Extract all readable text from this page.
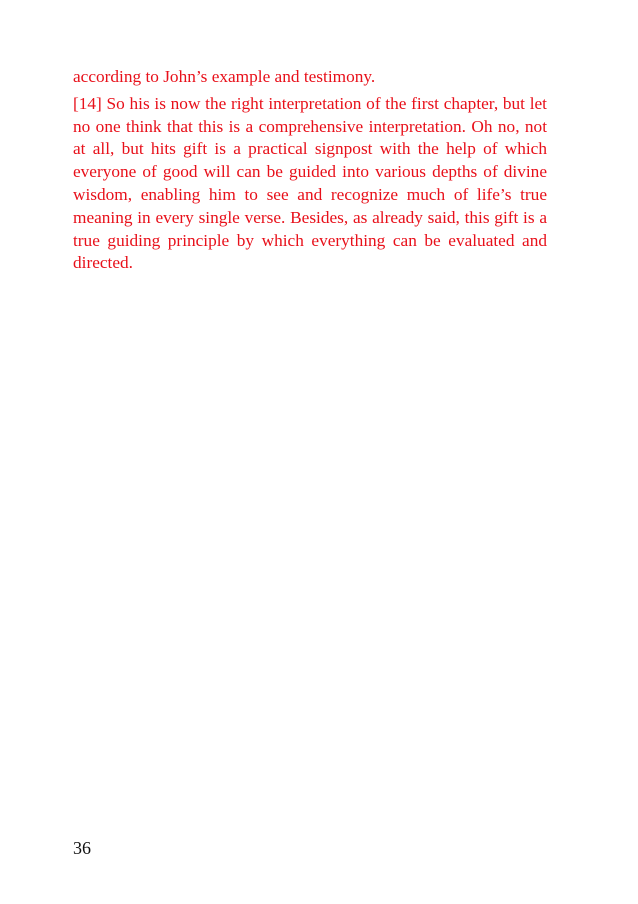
according to John’s example and testimony.

[14] So his is now the right interpretation of the first chapter, but let no one think that this is a comprehensive interpretation. Oh no, not at all, but hits gift is a practical signpost with the help of which everyone of good will can be guided into various depths of divine wisdom, enabling him to see and recognize much of life’s true meaning in every single verse. Besides, as already said, this gift is a true guiding principle by which everything can be evaluated and directed.

36
